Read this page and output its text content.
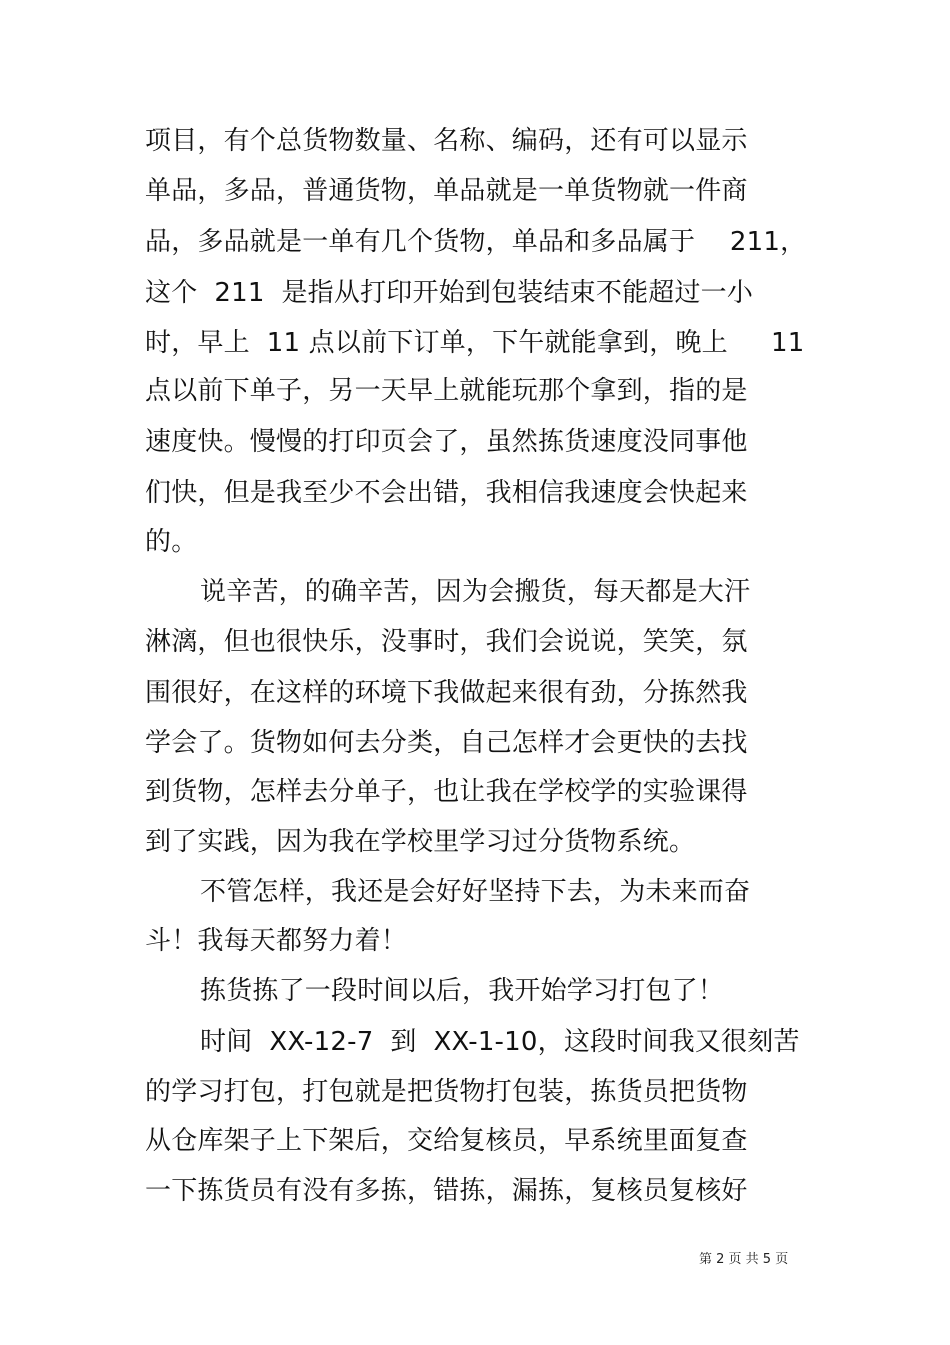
项目，有个总货物数量、名称、编码，还有可以显示
单品，多品，普通货物，单品就是一单货物就一件商
品，多品就是一单有几个货物，单品和多品属于　 211，
这个  211  是指从打印开始到包装结束不能超过一小
时，早上  11 点以前下订单，下午就能拿到，晚上　  11
点以前下单子，另一天早上就能玩那个拿到，指的是
速度快。慢慢的打印页会了，虽然拣货速度没同事他
们快，但是我至少不会出错，我相信我速度会快起来
的。
说辛苦，的确辛苦，因为会搬货，每天都是大汗
淋漓，但也很快乐，没事时，我们会说说，笑笑，氛
围很好，在这样的环境下我做起来很有劲，分拣然我
学会了。货物如何去分类，自己怎样才会更快的去找
到货物，怎样去分单子，也让我在学校学的实验课得
到了实践，因为我在学校里学习过分货物系统。
不管怎样，我还是会好好坚持下去，为未来而奋
斗！我每天都努力着！
拣货拣了一段时间以后，我开始学习打包了！
时间  XX-12-7  到  XX-1-10，这段时间我又很刻苦
的学习打包，打包就是把货物打包装，拣货员把货物
从仓库架子上下架后，交给复核员，早系统里面复查
一下拣货员有没有多拣，错拣，漏拣，复核员复核好
第 2 页 共 5 页
